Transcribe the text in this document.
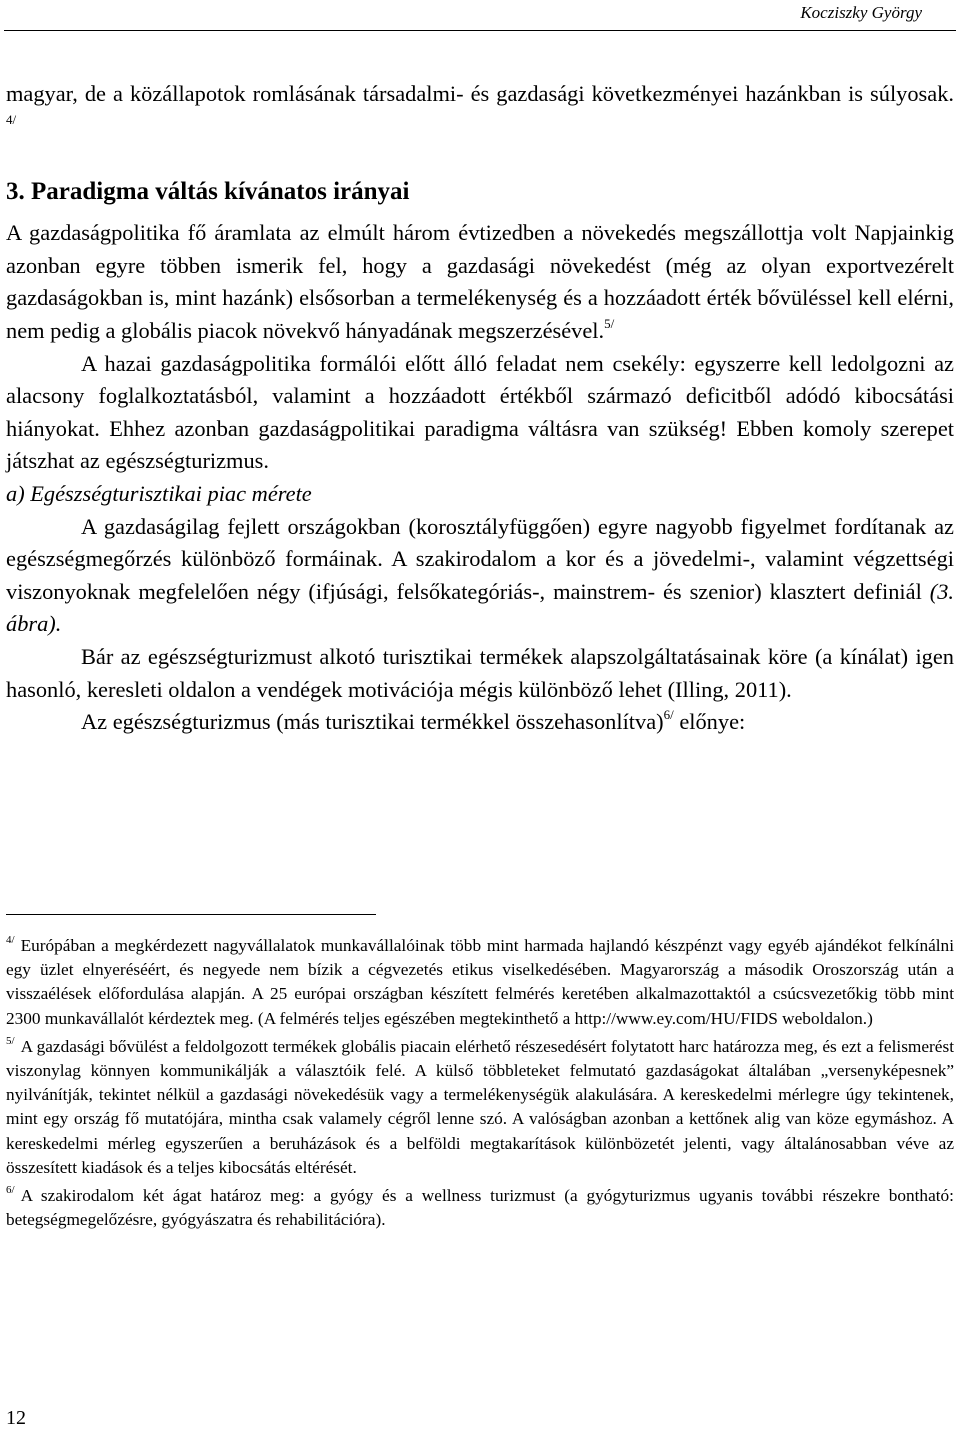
Kocziszky György

magyar, de a közállapotok romlásának társadalmi- és gazdasági következményei hazánkban is súlyosak. $^{4/}$

3. Paradigma váltás kívánatos irányai

A gazdaságpolitika fő áramlata az elmúlt három évtizedben a növekedés megszállottja volt Napjainkig azonban egyre többen ismerik fel, hogy a gazdasági növekedést (még az olyan exportvezérelt gazdaságokban is, mint hazánk) elsősorban a termelékenység és a hozzáadott érték bővüléssel kell elérni, nem pedig a globális piacok növekvő hányadának megszerzésével.$^{5/}$

A hazai gazdaságpolitika formálói előtt álló feladat nem csekély: egyszerre kell ledolgozni az alacsony foglalkoztatásból, valamint a hozzáadott értékből származó deficitből adódó kibocsátási hiányokat. Ehhez azonban gazdaságpolitikai paradigma váltásra van szükség! Ebben komoly szerepet játszhat az egészségturizmus.

a) Egészségturisztikai piac mérete

A gazdaságilag fejlett országokban (korosztályfüggően) egyre nagyobb figyelmet fordítanak az egészségmegőrzés különböző formáinak. A szakirodalom a kor és a jövedelmi-, valamint végzettségi viszonyoknak megfelelően négy (ifjúsági, felsőkategóriás-, mainstrem- és szenior) klasztert definiál (3. ábra).

Bár az egészségturizmust alkotó turisztikai termékek alapszolgáltatásainak köre (a kínálat) igen hasonló, keresleti oldalon a vendégek motivációja mégis különböző lehet (Illing, 2011).

Az egészségturizmus (más turisztikai termékkel összehasonlítva)$^{6/}$ előnye:

$^{4/}$ Európában a megkérdezett nagyvállalatok munkavállalóinak több mint harmada hajlandó készpénzt vagy egyéb ajándékot felkínálni egy üzlet elnyeréséért, és negyede nem bízik a cégvezetés etikus viselkedésében. Magyarország a második Oroszország után a visszaélések előfordulása alapján. A 25 európai országban készített felmérés keretében alkalmazottaktól a csúcsvezetőkig több mint 2300 munkavállalót kérdeztek meg. (A felmérés teljes egészében megtekinthető a http://www.ey.com/HU/FIDS weboldalon.)

$^{5/}$ A gazdasági bővülést a feldolgozott termékek globális piacain elérhető részesedésért folytatott harc határozza meg, és ezt a felismerést viszonylag könnyen kommunikálják a választóik felé. A külső többleteket felmutató gazdaságokat általában „versenyképesnek” nyilvánítják, tekintet nélkül a gazdasági növekedésük vagy a termelékenységük alakulására. A kereskedelmi mérlegre úgy tekintenek, mint egy ország fő mutatójára, mintha csak valamely cégről lenne szó. A valóságban azonban a kettőnek alig van köze egymáshoz. A kereskedelmi mérleg egyszerűen a beruházások és a belföldi megtakarítások különbözetét jelenti, vagy általánosabban véve az összesített kiadások és a teljes kibocsátás eltérését.

$^{6/}$ A szakirodalom két ágat határoz meg: a gyógy és a wellness turizmust (a gyógyturizmus ugyanis további részekre bontható: betegségmegelőzésre, gyógyászatra és rehabilitációra).

12
